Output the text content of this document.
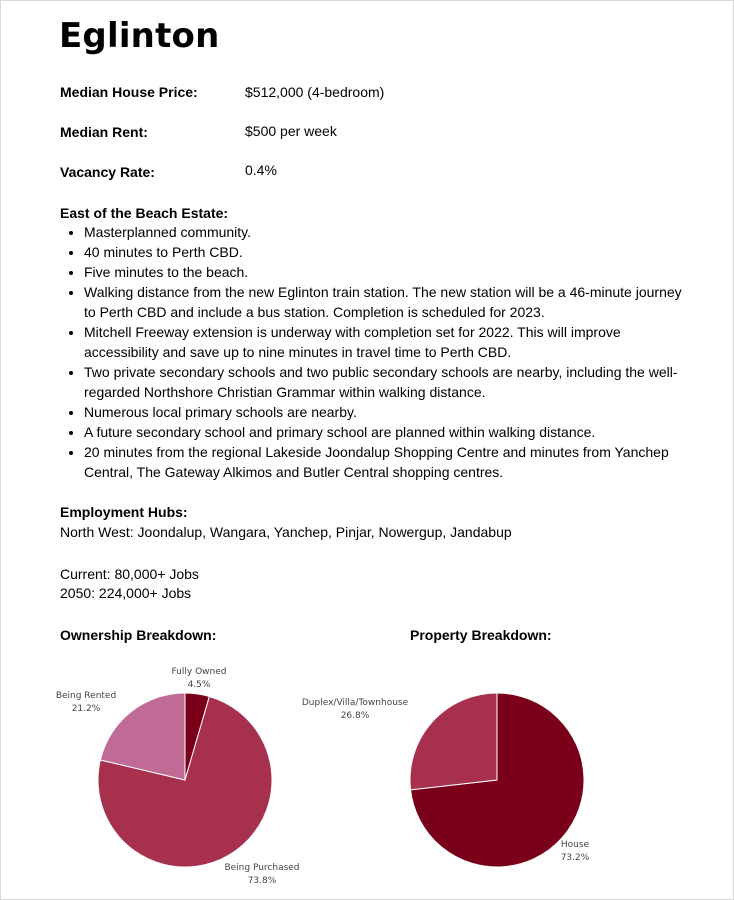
Eglinton
Median House Price:	$512,000 (4-bedroom)
Median Rent:	$500 per week
Vacancy Rate:	0.4%
East of the Beach Estate:
• Masterplanned community.
• 40 minutes to Perth CBD.
• Five minutes to the beach.
• Walking distance from the new Eglinton train station. The new station will be a 46-minute journey to Perth CBD and include a bus station. Completion is scheduled for 2023.
• Mitchell Freeway extension is underway with completion set for 2022. This will improve accessibility and save up to nine minutes in travel time to Perth CBD.
• Two private secondary schools and two public secondary schools are nearby, including the well-regarded Northshore Christian Grammar within walking distance.
• Numerous local primary schools are nearby.
• A future secondary school and primary school are planned within walking distance.
• 20 minutes from the regional Lakeside Joondalup Shopping Centre and minutes from Yanchep Central, The Gateway Alkimos and Butler Central shopping centres.
Employment Hubs:
North West: Joondalup, Wangara, Yanchep, Pinjar, Nowergup, Jandabup
Current: 80,000+ Jobs
2050: 224,000+ Jobs
Ownership Breakdown:	Property Breakdown:
Fully Owned
4.5%
Being Purchased
73.8%
Being Rented
21.2%
House
73.2%
Duplex/Villa/Townhouse
26.8%
